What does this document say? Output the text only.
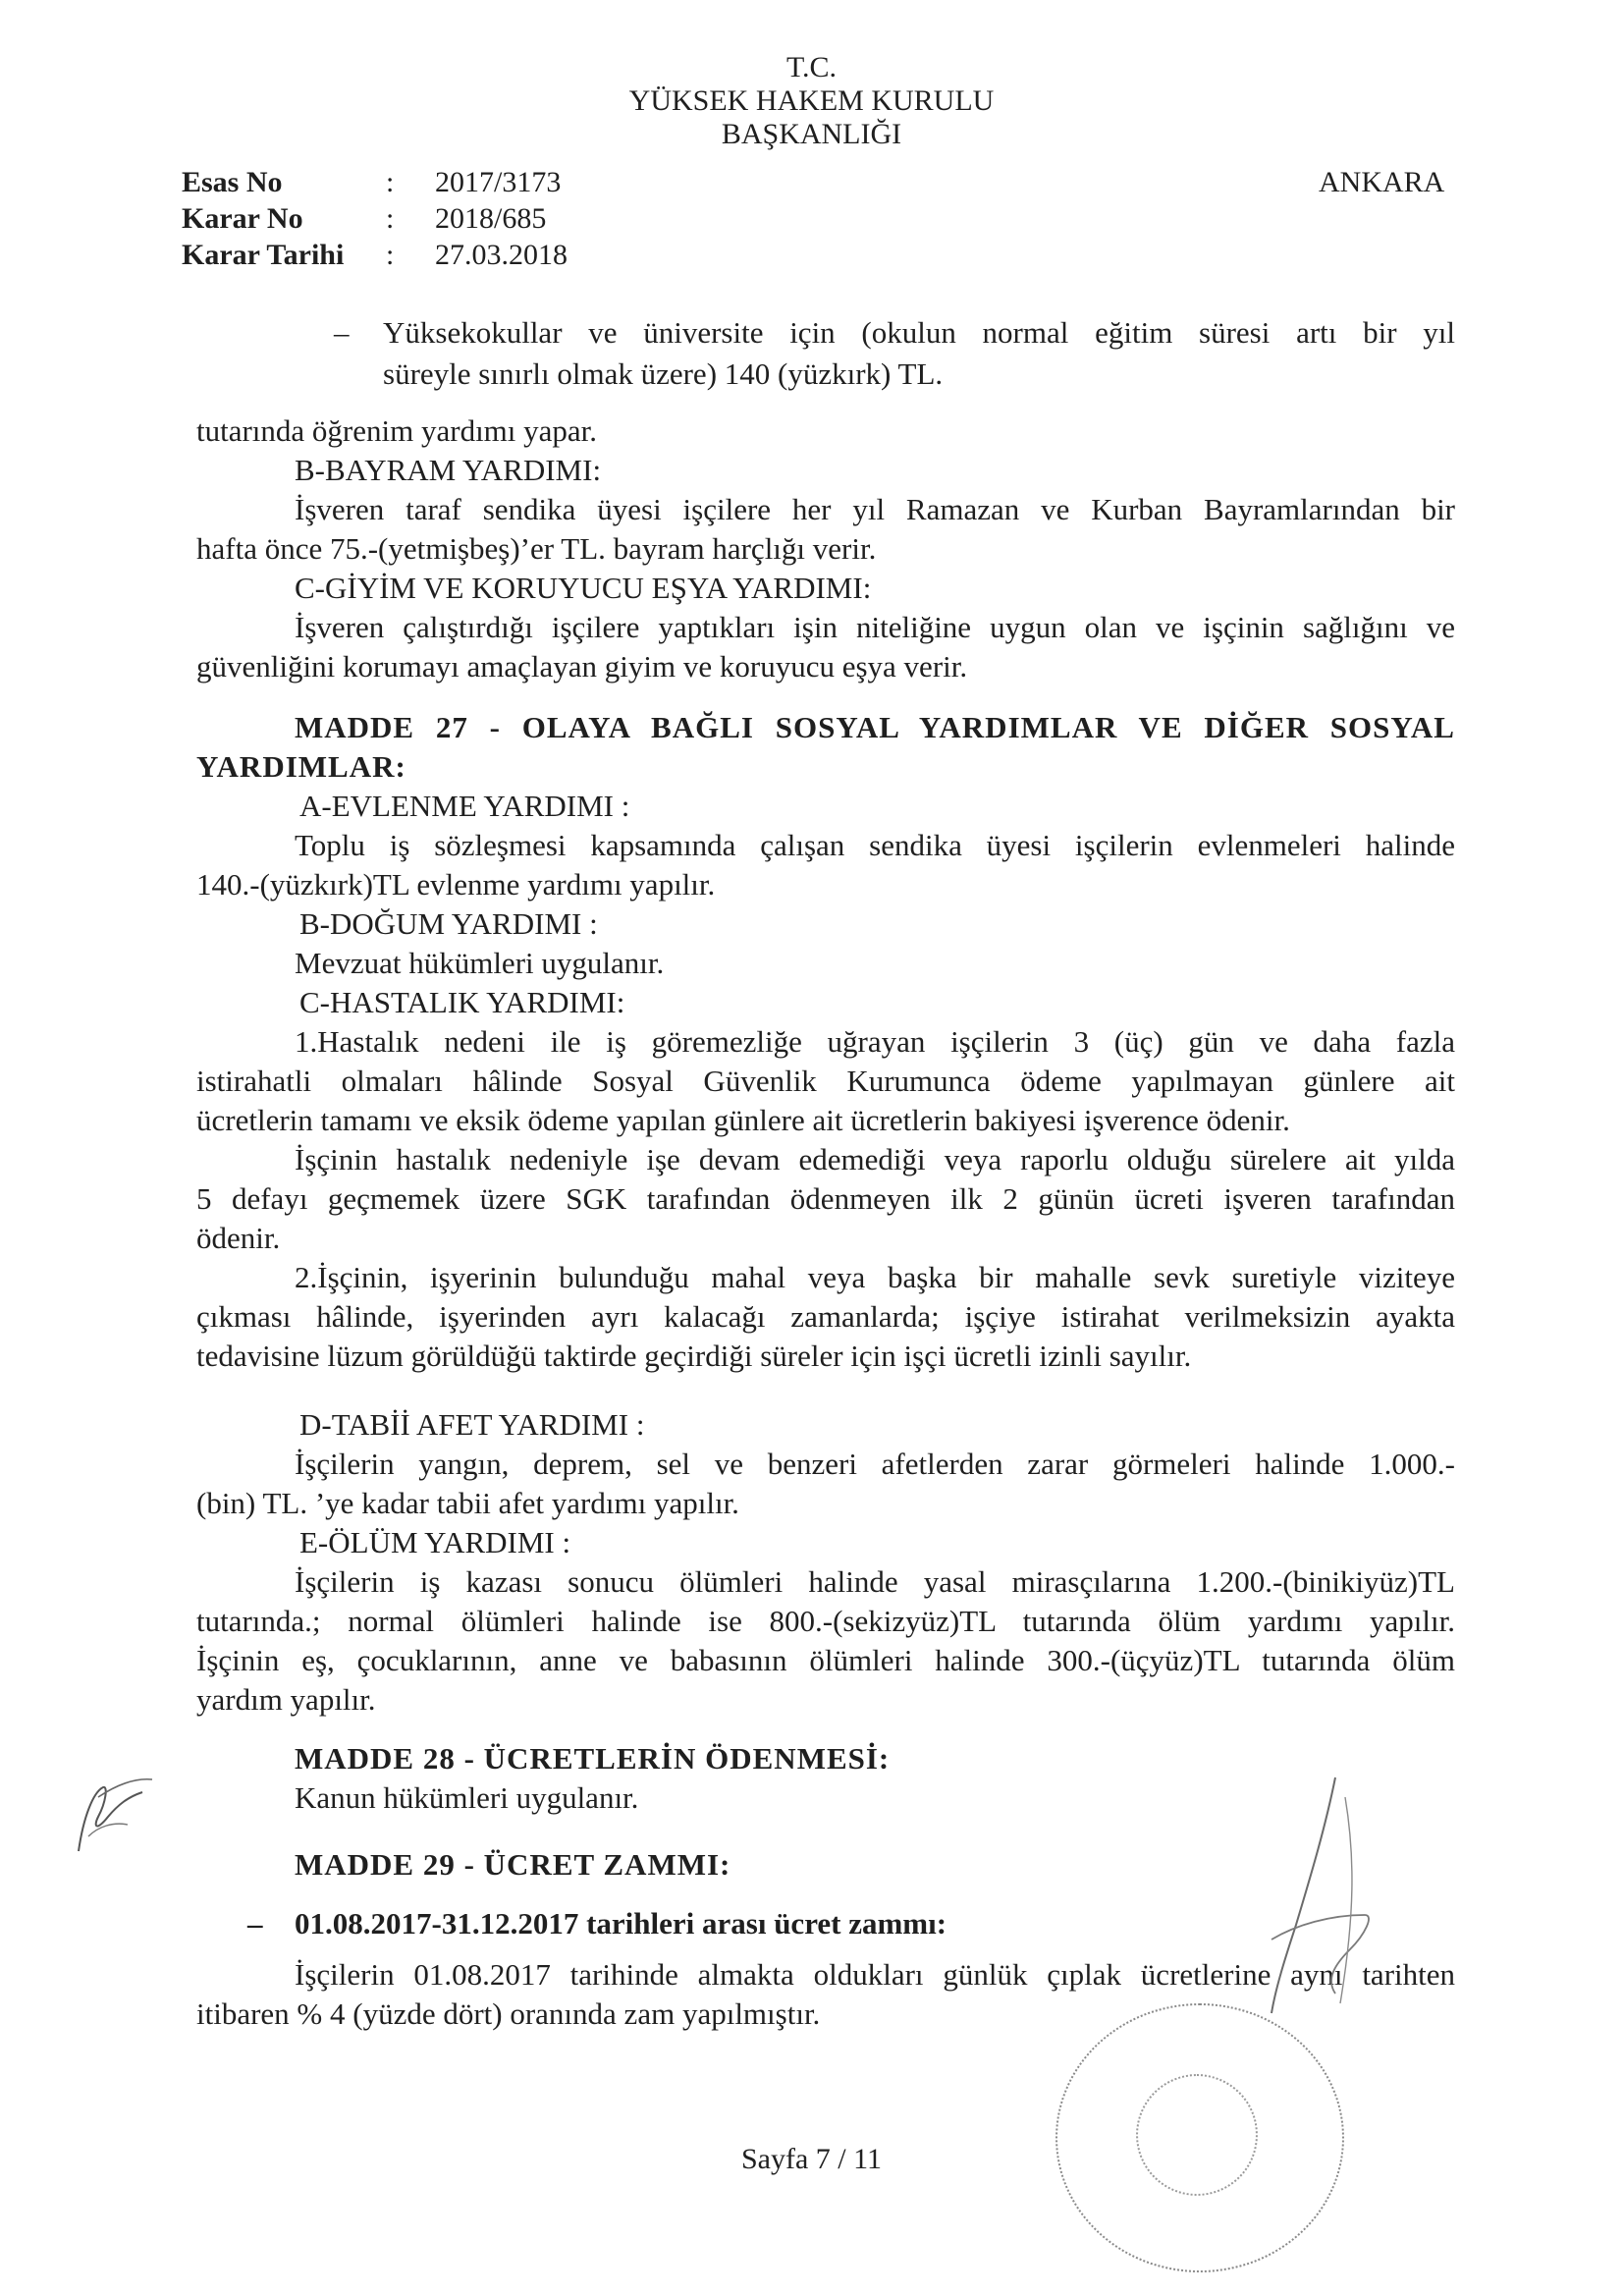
T.C.
YÜKSEK HAKEM KURULU
BAŞKANLIĞI
Esas No	: 2017/3173
Karar No	: 2018/685
Karar Tarihi : 27.03.2018
ANKARA
– Yüksekokullar ve üniversite için (okulun normal eğitim süresi artı bir yıl
süreyle sınırlı olmak üzere) 140 (yüzkırk) TL.
tutarında öğrenim yardımı yapar.
B-BAYRAM YARDIMI:
İşveren taraf sendika üyesi işçilere her yıl Ramazan ve Kurban Bayramlarından bir
hafta önce 75.-(yetmişbeş)’er TL. bayram harçlığı verir.
C-GİYİM VE KORUYUCU EŞYA YARDIMI:
İşveren çalıştırdığı işçilere yaptıkları işin niteliğine uygun olan ve işçinin sağlığını ve
güvenliğini korumayı amaçlayan giyim ve koruyucu eşya verir.
MADDE 27 - OLAYA BAĞLI SOSYAL YARDIMLAR VE DİĞER SOSYAL
YARDIMLAR:
A-EVLENME YARDIMI :
Toplu iş sözleşmesi kapsamında çalışan sendika üyesi işçilerin evlenmeleri halinde
140.-(yüzkırk)TL evlenme yardımı yapılır.
B-DOĞUM YARDIMI :
Mevzuat hükümleri uygulanır.
C-HASTALIK YARDIMI:
1.Hastalık nedeni ile iş göremezliğe uğrayan işçilerin 3 (üç) gün ve daha fazla
istirahatli olmaları hâlinde Sosyal Güvenlik Kurumunca ödeme yapılmayan günlere ait
ücretlerin tamamı ve eksik ödeme yapılan günlere ait ücretlerin bakiyesi işverence ödenir.
İşçinin hastalık nedeniyle işe devam edemediği veya raporlu olduğu sürelere ait yılda
5 defayı geçmemek üzere SGK tarafından ödenmeyen ilk 2 günün ücreti işveren tarafından
ödenir.
2.İşçinin, işyerinin bulunduğu mahal veya başka bir mahalle sevk suretiyle viziteye
çıkması hâlinde, işyerinden ayrı kalacağı zamanlarda; işçiye istirahat verilmeksizin ayakta
tedavisine lüzum görüldüğü taktirde geçirdiği süreler için işçi ücretli izinli sayılır.
D-TABİİ AFET YARDIMI :
İşçilerin yangın, deprem, sel ve benzeri afetlerden zarar görmeleri halinde 1.000.-
(bin) TL. ’ye kadar tabii afet yardımı yapılır.
E-ÖLÜM YARDIMI :
İşçilerin iş kazası sonucu ölümleri halinde yasal mirasçılarına 1.200.-(binikiyüz)TL
tutarında.; normal ölümleri halinde ise 800.-(sekizyüz)TL tutarında ölüm yardımı yapılır.
İşçinin eş, çocuklarının, anne ve babasının ölümleri halinde 300.-(üçyüz)TL tutarında ölüm
yardım yapılır.
MADDE 28 - ÜCRETLERİN ÖDENMESİ:
Kanun hükümleri uygulanır.
MADDE 29 - ÜCRET ZAMMI:
– 01.08.2017-31.12.2017 tarihleri arası ücret zammı:
İşçilerin 01.08.2017 tarihinde almakta oldukları günlük çıplak ücretlerine aynı tarihten
itibaren % 4 (yüzde dört) oranında zam yapılmıştır.
Sayfa 7 / 11
